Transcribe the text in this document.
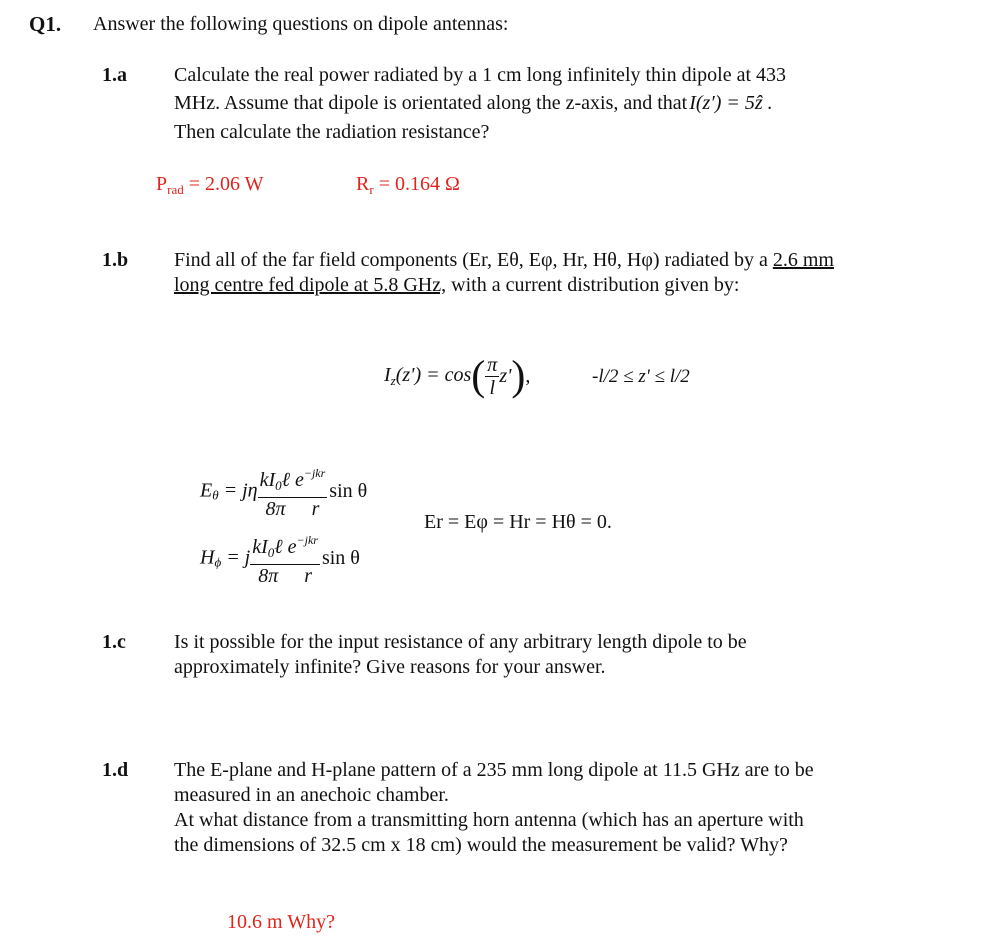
Q1. Answer the following questions on dipole antennas:
1.a Calculate the real power radiated by a 1 cm long infinitely thin dipole at 433
MHz. Assume that dipole is orientated along the z-axis, and that I(z′) = 5ẑ .
Then calculate the radiation resistance?
$P_{rad} = 2.06$ W	$R_r = 0.164$ Ω
1.b Find all of the far field components (Er, Eθ, Eφ, Hr, Hθ, Hφ) radiated by a 2.6 mm
long centre fed dipole at 5.8 GHz, with a current distribution given by:
$I_z(z') = \cos( \frac{\pi}{l} z')$,	-l/2 ≤ z' ≤ l/2
$E_\theta = j\eta \frac{kI_0\ell e^{-jkr}}{\text{8π r}}$ sin θ
$H_\phi = j \frac{kI_0\ell e^{-jkr}}{\text{8π r}}$ sin θ
Er = Eφ = Hr = Hθ = 0.
1.c Is it possible for the input resistance of any arbitrary length dipole to be
approximately infinite? Give reasons for your answer.
1.d The E-plane and H-plane pattern of a 235 mm long dipole at 11.5 GHz are to be
measured in an anechoic chamber.
At what distance from a transmitting horn antenna (which has an aperture with
the dimensions of 32.5 cm x 18 cm) would the measurement be valid? Why?
10.6 m Why?
